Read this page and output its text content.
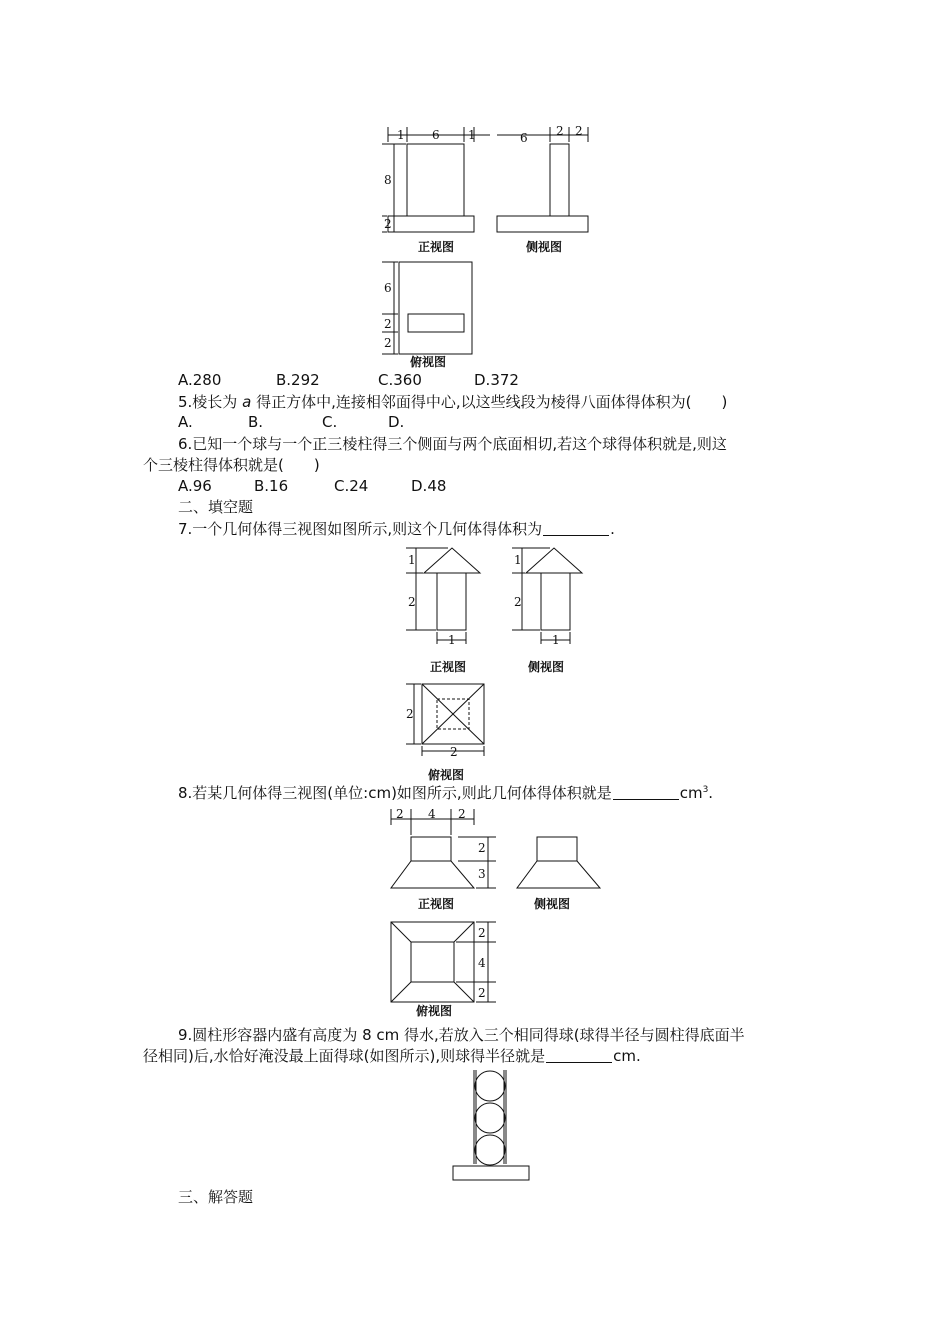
1 6 1
8
2
正视图
6 2 2
侧视图
6
2
2
俯视图
A.280	B.292	C.360	D.372
5.棱长为 a 得正方体中,连接相邻面得中心,以这些线段为棱得八面体得体积为(　　)
A.	B.	C.	D.
6.已知一个球与一个正三棱柱得三个侧面与两个底面相切,若这个球得体积就是,则这
个三棱柱得体积就是(　　)
A.96	B.16	C.24	D.48
二、填空题
7.一个几何体得三视图如图所示,则这个几何体得体积为	.
1
2
1
正视图
1
2
1
侧视图
2
2
俯视图
8.若某几何体得三视图(单位:cm)如图所示,则此几何体得体积就是	$cm^3$.
2 4 2
2
3
正视图	侧视图
2
4
2
俯视图
9.圆柱形容器内盛有高度为 8 cm 得水,若放入三个相同得球(球得半径与圆柱得底面半
径相同)后,水恰好淹没最上面得球(如图所示),则球得半径就是	cm.
三、解答题
